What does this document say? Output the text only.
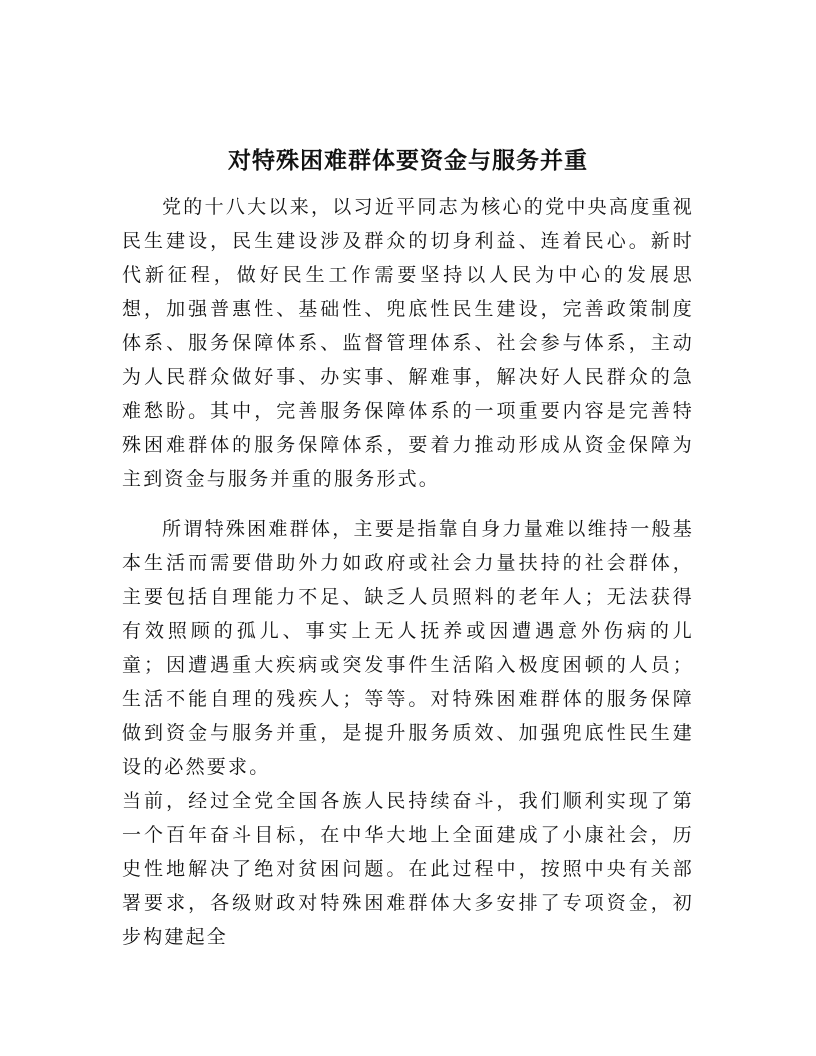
对特殊困难群体要资金与服务并重

党的十八大以来，以习近平同志为核心的党中央高度重视民生建设，民生建设涉及群众的切身利益、连着民心。新时代新征程，做好民生工作需要坚持以人民为中心的发展思想，加强普惠性、基础性、兜底性民生建设，完善政策制度体系、服务保障体系、监督管理体系、社会参与体系，主动为人民群众做好事、办实事、解难事，解决好人民群众的急难愁盼。其中，完善服务保障体系的一项重要内容是完善特殊困难群体的服务保障体系，要着力推动形成从资金保障为主到资金与服务并重的服务形式。

所谓特殊困难群体，主要是指靠自身力量难以维持一般基本生活而需要借助外力如政府或社会力量扶持的社会群体，主要包括自理能力不足、缺乏人员照料的老年人；无法获得有效照顾的孤儿、事实上无人抚养或因遭遇意外伤病的儿童；因遭遇重大疾病或突发事件生活陷入极度困顿的人员；生活不能自理的残疾人；等等。对特殊困难群体的服务保障做到资金与服务并重，是提升服务质效、加强兜底性民生建设的必然要求。

当前，经过全党全国各族人民持续奋斗，我们顺利实现了第一个百年奋斗目标，在中华大地上全面建成了小康社会，历史性地解决了绝对贫困问题。在此过程中，按照中央有关部署要求，各级财政对特殊困难群体大多安排了专项资金，初步构建起全
